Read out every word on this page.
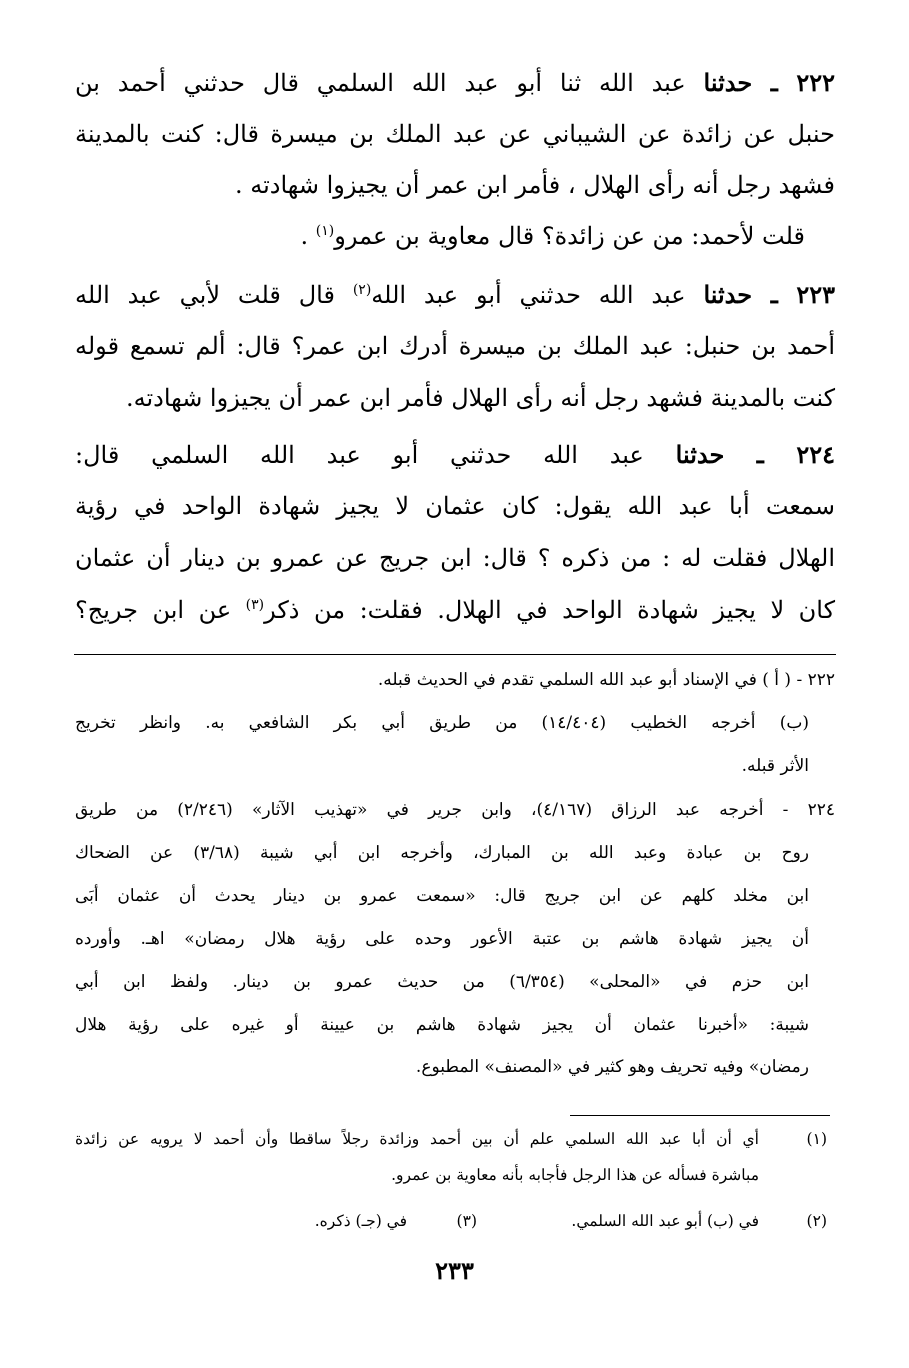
٢٢٢ ـ حدثنا عبد الله ثنا أبو عبد الله السلمي قال حدثني أحمد بن

حنبل عن زائدة عن الشيباني عن عبد الملك بن ميسرة قال: كنت بالمدينة

فشهد رجل أنه رأى الهلال ، فأمر ابن عمر أن يجيزوا شهادته .

قلت لأحمد: من عن زائدة؟ قال معاوية بن عمرو$^{(١)}$ .

٢٢٣ ـ حدثنا عبد الله حدثني أبو عبد الله$^{(٢)}$ قال قلت لأبي عبد الله

أحمد بن حنبل: عبد الملك بن ميسرة أدرك ابن عمر؟ قال: ألم تسمع قوله

كنت بالمدينة فشهد رجل أنه رأى الهلال فأمر ابن عمر أن يجيزوا شهادته.

٢٢٤ ـ حدثنا عبد الله حدثني أبو عبد الله السلمي قال:

سمعت أبا عبد الله يقول: كان عثمان لا يجيز شهادة الواحد في رؤية

الهلال فقلت له : من ذكره ؟ قال: ابن جريج عن عمرو بن دينار أن عثمان

كان لا يجيز شهادة الواحد في الهلال. فقلت: من ذكر$^{(٣)}$ عن ابن جريج؟

٢٢٢ - ( أ ) في الإسناد أبو عبد الله السلمي تقدم في الحديث قبله.

(ب) أخرجه الخطيب (١٤/٤٠٤) من طريق أبي بكر الشافعي به. وانظر تخريج

الأثر قبله.

٢٢٤ - أخرجه عبد الرزاق (٤/١٦٧)، وابن جرير في «تهذيب الآثار» (٢/٢٤٦) من طريق

روح بن عبادة وعبد الله بن المبارك، وأخرجه ابن أبي شيبة (٣/٦٨) عن الضحاك

ابن مخلد كلهم عن ابن جريج قال: «سمعت عمرو بن دينار يحدث أن عثمان أبَى

أن يجيز شهادة هاشم بن عتبة الأعور وحده على رؤية هلال رمضان» اهـ. وأورده

ابن حزم في «المحلى» (٦/٣٥٤) من حديث عمرو بن دينار. ولفظ ابن أبي

شيبة: «أخبرنا عثمان أن يجيز شهادة هاشم بن عيينة أو غيره على رؤية هلال

رمضان» وفيه تحريف وهو كثير في «المصنف» المطبوع.

(١)

أي أن أبا عبد الله السلمي علم أن بين أحمد وزائدة رجلاً ساقطا وأن أحمد لا يرويه عن زائدة

مباشرة فسأله عن هذا الرجل فأجابه بأنه معاوية بن عمرو.

(٢)
في (ب) أبو عبد الله السلمي.
(٣)
في (جـ) ذكره.
٢٣٣
